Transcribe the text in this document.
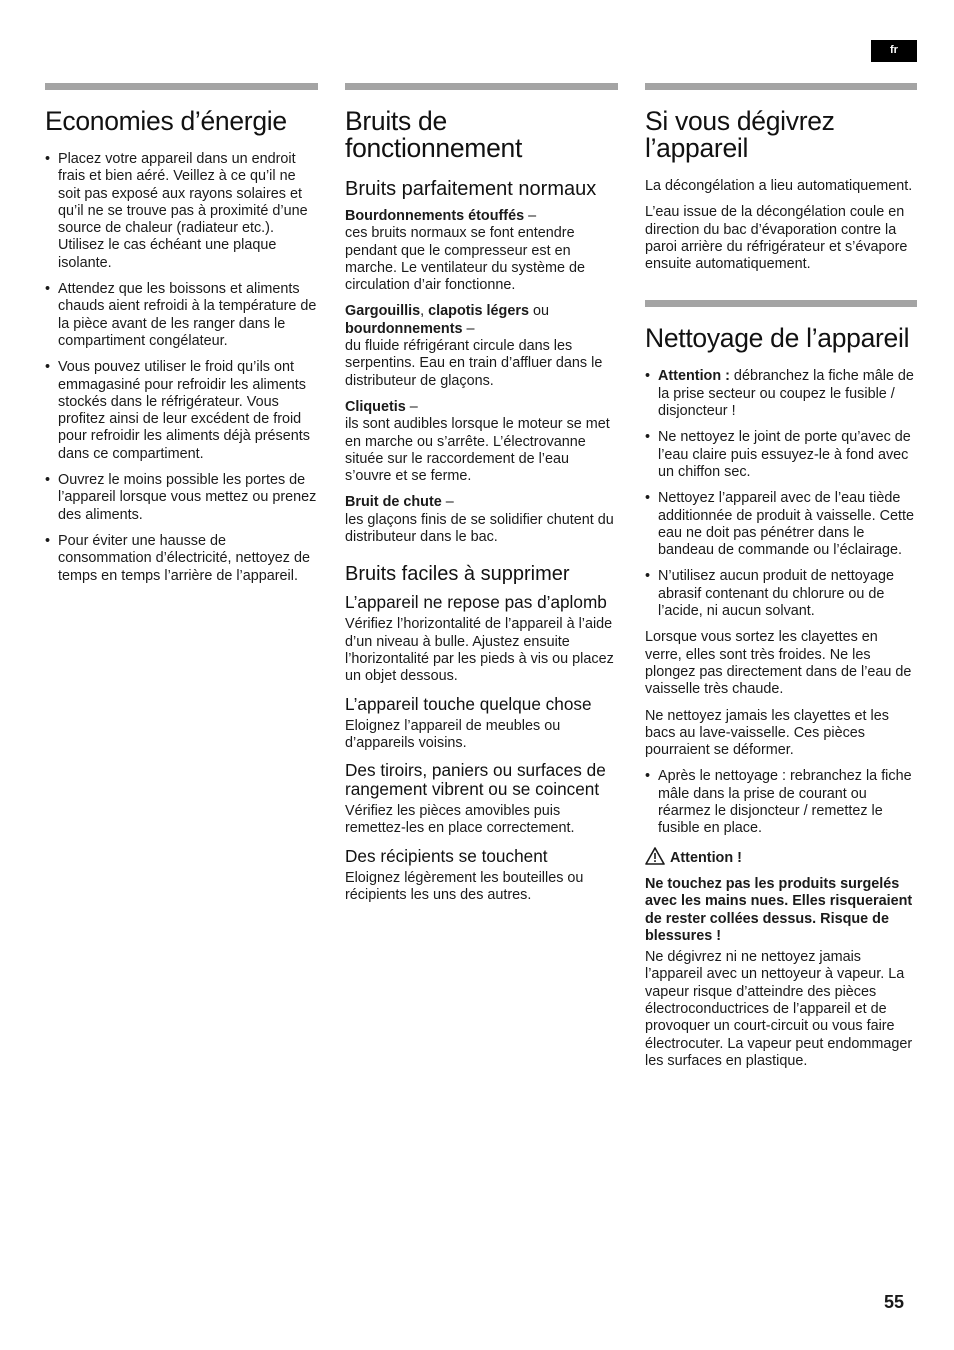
fr
Economies d’énergie
• Placez votre appareil dans un endroit frais et bien aéré. Veillez à ce qu’il ne soit pas exposé aux rayons solaires et qu’il ne se trouve pas à proximité d’une source de chaleur (radiateur etc.). Utilisez le cas échéant une plaque isolante.
• Attendez que les boissons et aliments chauds aient refroidi à la température de la pièce avant de les ranger dans le compartiment congélateur.
• Vous pouvez utiliser le froid qu’ils ont emmagasiné pour refroidir les aliments stockés dans le réfrigérateur. Vous profitez ainsi de leur excédent de froid pour refroidir les aliments déjà présents dans ce compartiment.
• Ouvrez le moins possible les portes de l’appareil lorsque vous mettez ou prenez des aliments.
• Pour éviter une hausse de consommation d’électricité, nettoyez de temps en temps l’arrière de l’appareil.
Bruits de fonctionnement
Bruits parfaitement normaux

Bourdonnements étouffés –
ces bruits normaux se font entendre pendant que le compresseur est en marche. Le ventilateur du système de circulation d’air fonctionne.

Gargouillis, clapotis légers ou
bourdonnements –
du fluide réfrigérant circule dans les serpentins. Eau en train d’affluer dans le distributeur de glaçons.

Cliquetis –
ils sont audibles lorsque le moteur se met en marche ou s’arrête. L’électrovanne située sur le raccordement de l’eau s’ouvre et se ferme.

Bruit de chute –
les glaçons finis de se solidifier chutent du distributeur dans le bac.

Bruits faciles à supprimer
L’appareil ne repose pas d’aplomb

Vérifiez l’horizontalité de l’appareil à l’aide d’un niveau à bulle. Ajustez ensuite l’horizontalité par les pieds à vis ou placez un objet dessous.

L’appareil touche quelque chose

Eloignez l’appareil de meubles ou d’appareils voisins.

Des tiroirs, paniers ou surfaces de rangement vibrent ou se coincent

Vérifiez les pièces amovibles puis remettez-les en place correctement.

Des récipients se touchent

Eloignez légèrement les bouteilles ou récipients les uns des autres.

Si vous dégivrez l’appareil

La décongélation a lieu automatiquement.

L’eau issue de la décongélation coule en direction du bac d’évaporation contre la paroi arrière du réfrigérateur et s’évapore ensuite automatiquement.

Nettoyage de l’appareil
• Attention : débranchez la fiche mâle de la prise secteur ou coupez le fusible / disjoncteur !
• Ne nettoyez le joint de porte qu’avec de l’eau claire puis essuyez-le à fond avec un chiffon sec.
• Nettoyez l’appareil avec de l’eau tiède additionnée de produit à vaisselle. Cette eau ne doit pas pénétrer dans le bandeau de commande ou l’éclairage.
• N’utilisez aucun produit de nettoyage abrasif contenant du chlorure ou de l’acide, ni aucun solvant.

Lorsque vous sortez les clayettes en verre, elles sont très froides. Ne les plongez pas directement dans de l’eau de vaisselle très chaude.

Ne nettoyez jamais les clayettes et les bacs au lave-vaisselle. Ces pièces pourraient se déformer.

• Après le nettoyage : rebranchez la fiche mâle dans la prise de courant ou réarmez le disjoncteur / remettez le fusible en place.
Attention !

Ne touchez pas les produits surgelés avec les mains nues. Elles risqueraient de rester collées dessus. Risque de blessures !

Ne dégivrez ni ne nettoyez jamais l’appareil avec un nettoyeur à vapeur. La vapeur risque d’atteindre des pièces électroconductrices de l’appareil et de provoquer un court-circuit ou vous faire électrocuter. La vapeur peut endommager les surfaces en plastique.

55
